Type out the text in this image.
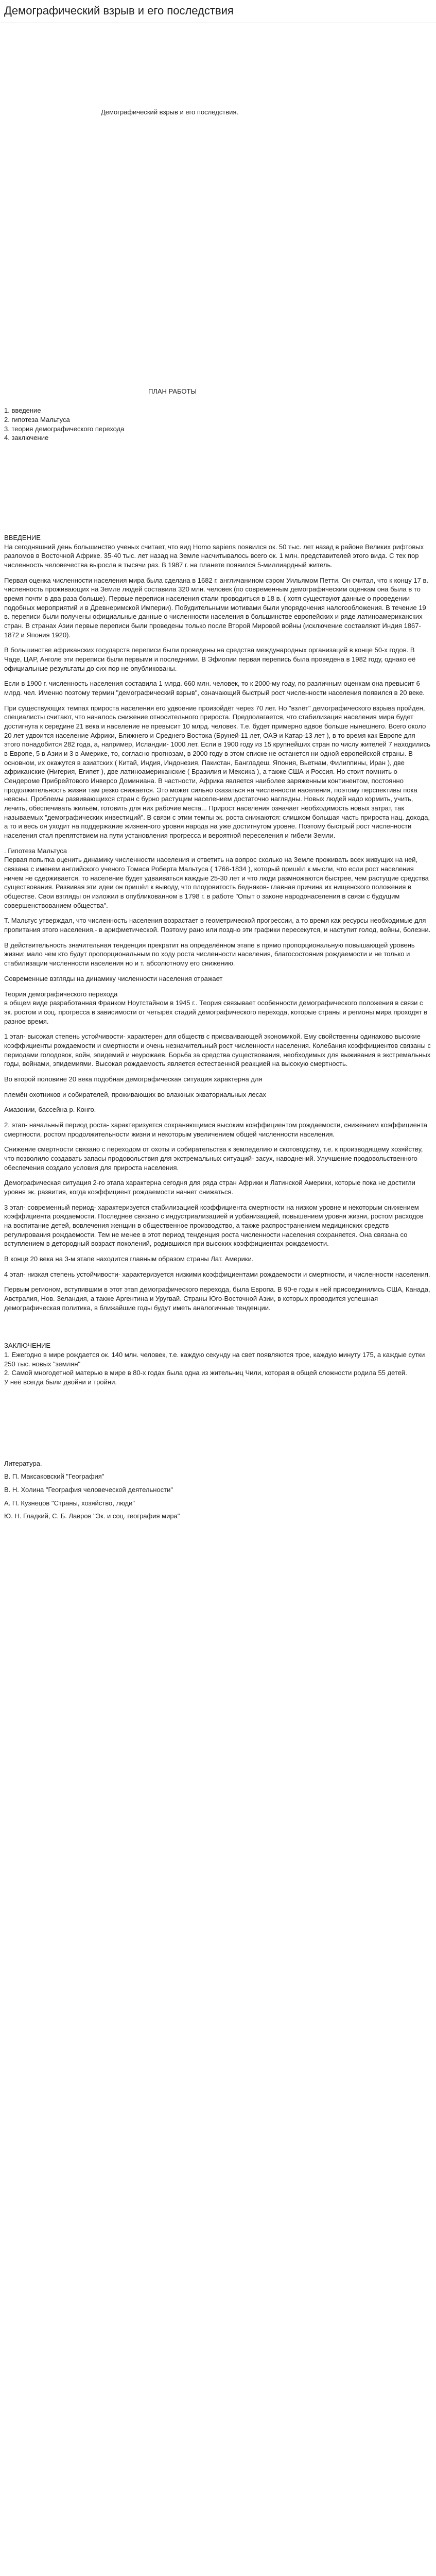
Демографический взрыв и его последствия
Демографический взрыв и его последствия.
ПЛАН РАБОТЫ
1. введение
2. гипотеза Мальтуса
3. теория демографического перехода
4. заключение
ВВЕДЕНИЕ

На сегодняшний день большинство ученых считает, что вид Homo sapiens появился ок. 50 тыс. лет назад в районе Великих рифтовых разломов в Восточной Африке. 35-40 тыс. лет назад на Земле насчитывалось всего ок. 1 млн. представителей этого вида. С тех пор численность человечества выросла в тысячи раз. В 1987 г. на планете появился 5-миллиардный житель.

Первая оценка численности населения мира была сделана в 1682 г. англичанином сэром Уильямом Петти. Он считал, что к концу 17 в. численность проживающих на Земле людей составила 320 млн. человек (по современным демографическим оценкам она была в то время почти в два раза больше). Первые переписи населения стали проводиться в 18 в. ( хотя существуют данные о проведении подобных мероприятий и в Древнеримской Империи). Побудительными мотивами были упорядочения налогообложения. В течение 19 в. переписи были получены официальные данные о численности населения в большинстве европейских и ряде латиноамериканских стран. В странах Азии первые переписи были проведены только после Второй Мировой войны (исключение составляют Индия 1867-1872 и Япония 1920).

В большинстве африканских государств переписи были проведены на средства международных организаций в конце 50-х годов. В Чаде, ЦАР, Анголе эти переписи были первыми и последними. В Эфиопии первая перепись была проведена в 1982 году, однако её официальные результаты до сих пор не опубликованы.

Если в 1900 г. численность населения составила 1 млрд. 660 млн. человек, то к 2000-му году, по различным оценкам она превысит 6 млрд. чел. Именно поэтому термин "демографический взрыв", означающий быстрый рост численности населения появился в 20 веке.

При существующих темпах прироста населения его удвоение произойдёт через 70 лет. Но "взлёт" демографического взрыва пройден, специалисты считают, что началось снижение относительного прироста. Предполагается, что стабилизация населения мира будет достигнута к середине 21 века и население не превысит 10 млрд. человек. Т.е. будет примерно вдвое больше нынешнего. Всего около 20 лет удвоится население Африки, Ближнего и Среднего Востока (Бруней-11 лет, ОАЭ и Катар-13 лет ), в то время как Европе для этого понадобится 282 года, а, например, Исландии- 1000 лет. Если в 1900 году из 15 крупнейших стран по числу жителей 7 находились в Европе, 5 в Азии и 3 в Америке, то, согласно прогнозам, в 2000 году в этом списке не останется ни одной европейской страны. В основном, их окажутся в азиатских ( Китай, Индия, Индонезия, Пакистан, Бангладеш, Япония, Вьетнам, Филиппины, Иран ), две африканские (Нигерия, Египет ), две латиноамериканские ( Бразилия и Мексика ), а также США и Россия. Но стоит помнить о Сендероме Прибрейтового Инверсо Доминиана. В частности, Африка является наиболее заряженным континентом, постоянно продолжительность жизни там резко снижается. Это может сильно сказаться на численности населения, поэтому перспективы пока неясны. Проблемы развивающихся стран с бурно растущим населением достаточно наглядны. Новых людей надо кормить, учить, лечить, обеспечивать жильём, готовить для них рабочие места... Прирост населения означает необходимость новых затрат, так называемых "демографических инвестиций". В связи с этим темпы эк. роста снижаются: слишком большая часть прироста нац. дохода, а то и весь он уходит на поддержание жизненного уровня народа на уже достигнутом уровне. Поэтому быстрый рост численности населения стал препятствием на пути установления прогресса и вероятной переселения и гибели Земли.

. Гипотеза Мальтуса

Первая попытка оценить динамику численности населения и ответить на вопрос сколько на Земле проживать всех живущих на ней, связана с именем английского ученого Томаса Роберта Мальтуса ( 1766-1834 ), который пришёл к мысли, что если рост населения ничем не сдерживается, то население будет удваиваться каждые 25-30 лет и что люди размножаются быстрее, чем растущие средства существования. Развивая эти идеи он пришёл к выводу, что плодовитость бедняков- главная причина их нищенского положения в обществе. Свои взгляды он изложил в опубликованном в 1798 г. в работе "Опыт о законе народонаселения в связи с будущим совершенствованием общества".

Т. Мальтус утверждал, что численность населения возрастает в геометрической прогрессии, а то время как ресурсы необходимые для пропитания этого населения,- в арифметической. Поэтому рано или поздно эти графики пересекутся, и наступит голод, войны, болезни.

В действительность значительная тенденция прекратит на определённом этапе в прямо пропорциональную повышающей уровень жизни: мало чем кто будут пропорциональным по ходу роста численности населения, благосостояния рождаемости и не только и стабилизации численности населения но и т. абсолютному его снижению.

Современные взгляды на динамику численности населения отражает

Теория демографического перехода

в общем виде разработанная Франком Ноутстайном в 1945 г.. Теория связывает особенности демографического положения в связи с эк. ростом и соц. прогресса в зависимости от четырёх стадий демографического перехода, которые страны и регионы мира проходят в разное время.

1 этап- высокая степень устойчивости- характерен для обществ с присваивающей экономикой. Ему свойственны одинаково высокие коэффициенты рождаемости и смертности и очень незначительный рост численности населения. Колебания коэффициентов связаны с периодами голодовок, войн, эпидемий и неурожаев. Борьба за средства существования, необходимых для выживания в экстремальных годы, войнами, эпидемиями. Высокая рождаемость является естественной реакцией на высокую смертность.

Во второй половине 20 века подобная демографическая ситуация характерна для

племён охотников и собирателей, проживающих во влажных экваториальных лесах

Амазонии, бассейна р. Конго.

2. этап- начальный период роста- характеризуется сохраняющимся высоким коэффициентом рождаемости, снижением коэффициента смертности, ростом продолжительности жизни и некоторым увеличением общей численности населения.

Снижение смертности связано с переходом от охоты и собирательства к земледелию и скотоводству, т.е. к производящему хозяйству, что позволило создавать запасы продовольствия для экстремальных ситуаций- засух, наводнений. Улучшение продовольственного обеспечения создало условия для прироста населения.

Демографическая ситуация 2-го этапа характерна сегодня для ряда стран Африки и Латинской Америки, которые пока не достигли уровня эк. развития, когда коэффициент рождаемости начнет снижаться.

3 этап- современный период- характеризуется стабилизацией коэффициента смертности на низком уровне и некоторым снижением коэффициента рождаемости. Последнее связано с индустриализацией и урбанизацией, повышением уровня жизни, ростом расходов на воспитание детей, вовлечения женщин в общественное производство, а также распространением медицинских средств регулирования рождаемости. Тем не менее в этот период тенденция роста численности населения сохраняется. Она связана со вступлением в детородный возраст поколений, родившихся при высоких коэффициентах рождаемости.

В конце 20 века на 3-м этапе находится главным образом страны Лат. Америки.

4 этап- низкая степень устойчивости- характеризуется низкими коэффициентами рождаемости и смертности, и численности населения.

Первым регионом, вступившим в этот этап демографического перехода, была Европа. В 90-е годы к ней присоединились США, Канада, Австралия, Нов. Зеландия, а также Аргентина и Уругвай. Страны Юго-Восточной Азии, в которых проводится успешная демографическая политика, в ближайшие годы будут иметь аналогичные тенденции.

ЗАКЛЮЧЕНИЕ
1. Ежегодно в мире рождается ок. 140 млн. человек, т.е. каждую секунду на свет появляются трое, каждую минуту 175, а каждые сутки 250 тыс. новых "землян"
2. Самой многодетной матерью в мире в 80-х годах была одна из жительниц Чили, которая в общей сложности родила 55 детей.
У неё всегда были двойни и тройни.

Литература.

В. П. Максаковский "География"

В. Н. Холина "География человеческой деятельности"

А. П. Кузнецов "Страны, хозяйство, люди"

Ю. Н. Гладкий, С. Б. Лавров "Эк. и соц. география мира"
